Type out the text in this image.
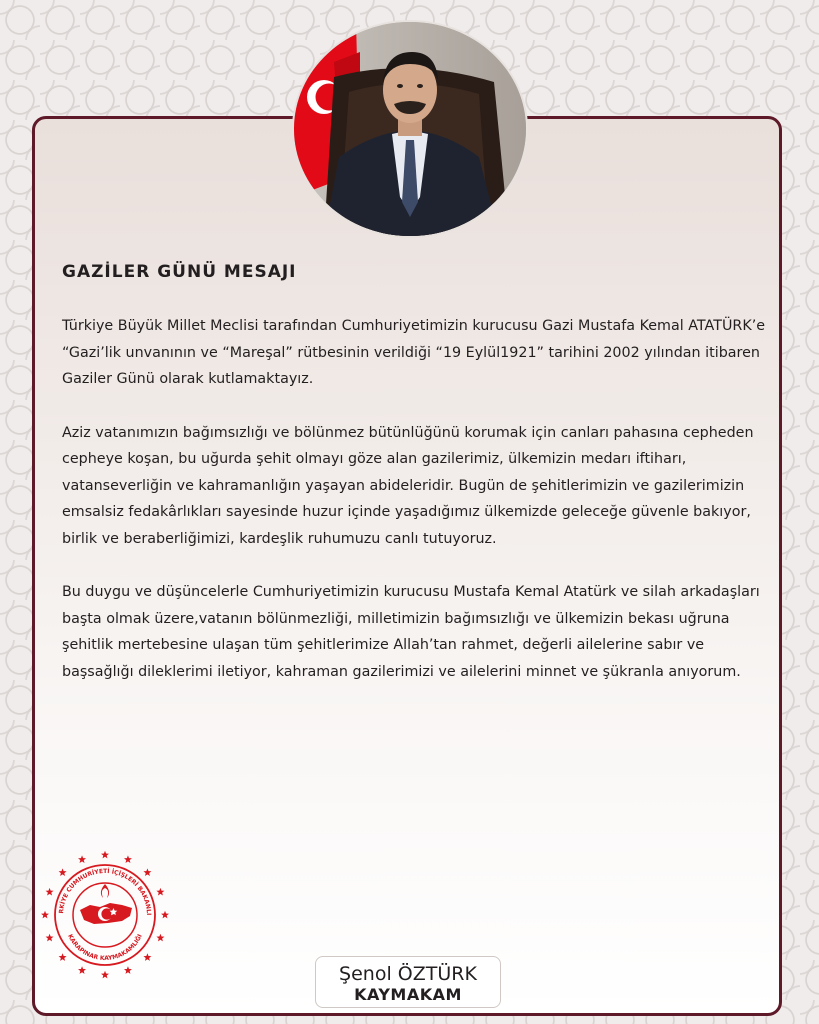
GAZİLER GÜNÜ MESAJI

Türkiye Büyük Millet Meclisi tarafından Cumhuriyetimizin kurucusu Gazi Mustafa Kemal ATATÜRK’e “Gazi’lik unvanının ve “Mareşal” rütbesinin verildiği “19 Eylül1921” tarihini 2002 yılından itibaren Gaziler Günü olarak kutlamaktayız.

Aziz vatanımızın bağımsızlığı ve bölünmez bütünlüğünü korumak için canları pahasına cepheden cepheye koşan, bu uğurda şehit olmayı göze alan gazilerimiz, ülkemizin medarı iftiharı, vatanseverliğin ve kahramanlığın yaşayan abideleridir. Bugün de şehitlerimizin ve gazilerimizin emsalsiz fedakârlıkları sayesinde huzur içinde yaşadığımız ülkemizde geleceğe güvenle bakıyor, birlik ve beraberliğimizi, kardeşlik ruhumuzu canlı tutuyoruz.

Bu duygu ve düşüncelerle Cumhuriyetimizin kurucusu Mustafa Kemal Atatürk ve silah arkadaşları başta olmak üzere,vatanın bölünmezliği, milletimizin bağımsızlığı ve ülkemizin bekası uğruna şehitlik mertebesine ulaşan tüm şehitlerimize Allah’tan rahmet, değerli ailelerine sabır ve başsağlığı dileklerimi iletiyor, kahraman gazilerimizi ve ailelerini minnet ve şükranla anıyorum.

RKİYE CUMHURİYETİ İÇİŞLERİ BAKANLI
KARAPINAR KAYMAKAMLIĞI
Şenol ÖZTÜRK
KAYMAKAM
